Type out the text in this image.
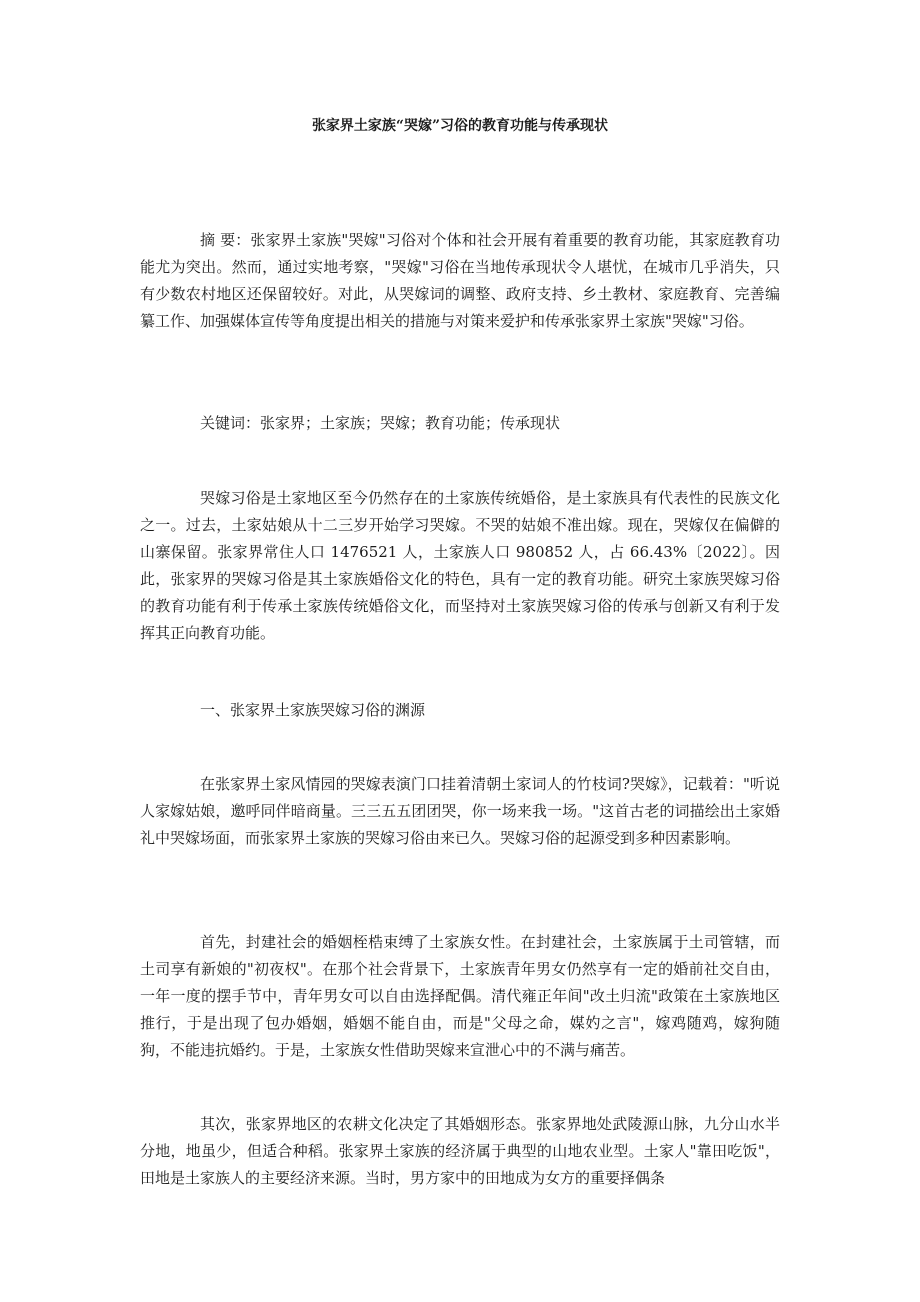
张家界土家族“哭嫁”习俗的教育功能与传承现状

摘 要：张家界土家族"哭嫁"习俗对个体和社会开展有着重要的教育功能，其家庭教育功能尤为突出。然而，通过实地考察，"哭嫁"习俗在当地传承现状令人堪忧，在城市几乎消失，只有少数农村地区还保留较好。对此，从哭嫁词的调整、政府支持、乡土教材、家庭教育、完善编纂工作、加强媒体宣传等角度提出相关的措施与对策来爱护和传承张家界土家族"哭嫁"习俗。

关键词：张家界；土家族；哭嫁；教育功能；传承现状

哭嫁习俗是土家地区至今仍然存在的土家族传统婚俗，是土家族具有代表性的民族文化之一。过去，土家姑娘从十二三岁开始学习哭嫁。不哭的姑娘不准出嫁。现在，哭嫁仅在偏僻的山寨保留。张家界常住人口 1476521 人，土家族人口 980852 人，占 66.43%〔2022〕。因此，张家界的哭嫁习俗是其土家族婚俗文化的特色，具有一定的教育功能。研究土家族哭嫁习俗的教育功能有利于传承土家族传统婚俗文化，而坚持对土家族哭嫁习俗的传承与创新又有利于发挥其正向教育功能。

一、张家界土家族哭嫁习俗的渊源

在张家界土家风情园的哭嫁表演门口挂着清朝土家词人的竹枝词?哭嫁》，记载着："听说人家嫁姑娘，邀呼同伴暗商量。三三五五团团哭，你一场来我一场。"这首古老的词描绘出土家婚礼中哭嫁场面，而张家界土家族的哭嫁习俗由来已久。哭嫁习俗的起源受到多种因素影响。

首先，封建社会的婚姻桎梏束缚了土家族女性。在封建社会，土家族属于土司管辖，而土司享有新娘的"初夜权"。在那个社会背景下，土家族青年男女仍然享有一定的婚前社交自由，一年一度的摆手节中，青年男女可以自由选择配偶。清代雍正年间"改土归流"政策在土家族地区推行，于是出现了包办婚姻，婚姻不能自由，而是"父母之命，媒妁之言"，嫁鸡随鸡，嫁狗随狗，不能违抗婚约。于是，土家族女性借助哭嫁来宣泄心中的不满与痛苦。

其次，张家界地区的农耕文化决定了其婚姻形态。张家界地处武陵源山脉，九分山水半分地，地虽少，但适合种稻。张家界土家族的经济属于典型的山地农业型。土家人"靠田吃饭"，田地是土家族人的主要经济来源。当时，男方家中的田地成为女方的重要择偶条
